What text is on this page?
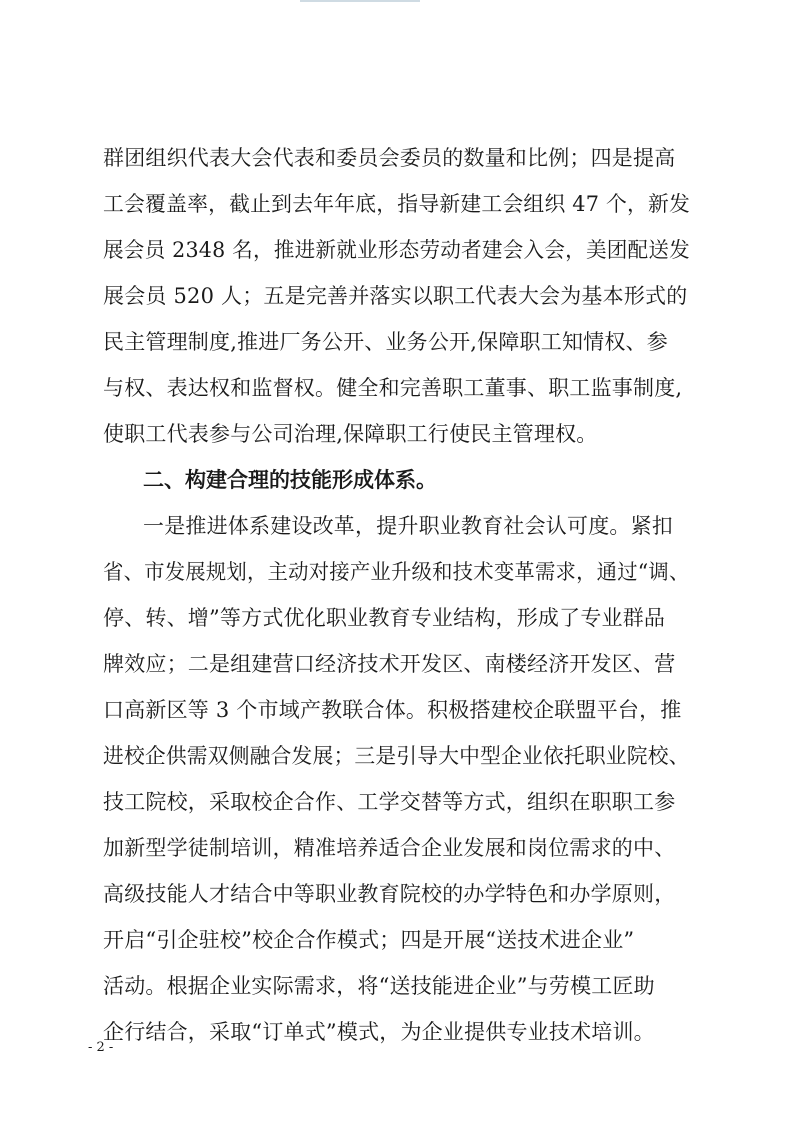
群团组织代表大会代表和委员会委员的数量和比例；四是提高
工会覆盖率，截止到去年年底，指导新建工会组织 47 个，新发
展会员 2348 名，推进新就业形态劳动者建会入会，美团配送发
展会员 520 人；五是完善并落实以职工代表大会为基本形式的
民主管理制度,推进厂务公开、业务公开,保障职工知情权、参
与权、表达权和监督权。健全和完善职工董事、职工监事制度,
使职工代表参与公司治理,保障职工行使民主管理权。
二、构建合理的技能形成体系。
一是推进体系建设改革，提升职业教育社会认可度。紧扣
省、市发展规划，主动对接产业升级和技术变革需求，通过“调、
停、转、增”等方式优化职业教育专业结构，形成了专业群品
牌效应；二是组建营口经济技术开发区、南楼经济开发区、营
口高新区等 3 个市域产教联合体。积极搭建校企联盟平台，推
进校企供需双侧融合发展；三是引导大中型企业依托职业院校、
技工院校，采取校企合作、工学交替等方式，组织在职职工参
加新型学徒制培训，精准培养适合企业发展和岗位需求的中、
高级技能人才结合中等职业教育院校的办学特色和办学原则，
开启“引企驻校”校企合作模式；四是开展“送技术进企业”
活动。根据企业实际需求，将“送技能进企业”与劳模工匠助
企行结合，采取“订单式”模式，为企业提供专业技术培训。
- 2 -
